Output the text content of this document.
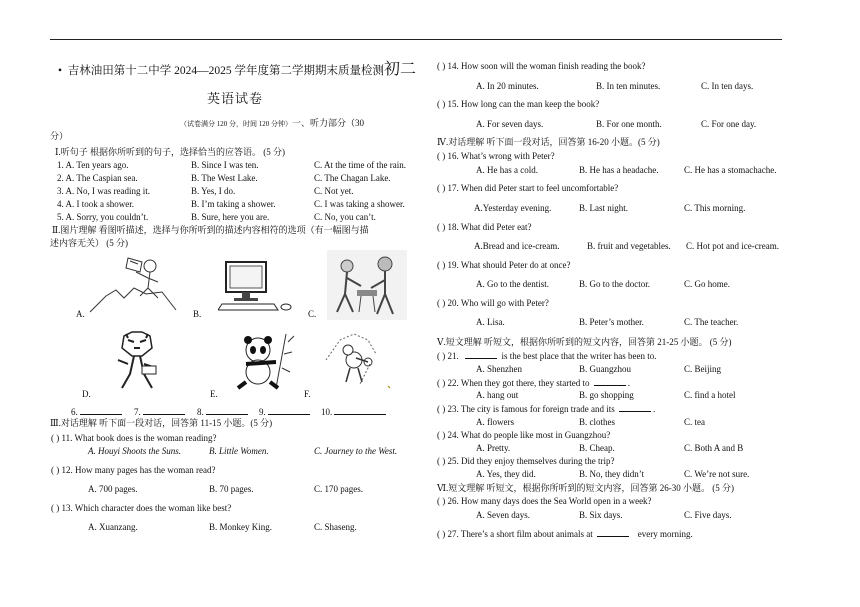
• 吉林油田第十二中学 2024—2025 学年度第二学期期末质量检测初二
英语试卷
（试卷满分 120 分，时间 120 分钟）一、听力部分（30
分）
Ⅰ.听句子 根据你所听到的句子，选择恰当的应答语。 (5 分)
1. A. Ten years ago.	B. Since I was ten.	C. At the time of the rain.
2. A. The Caspian sea.	B. The West Lake.	C. The Chagan Lake.
3. A. No, I was reading it.	B. Yes, I do.	C. Not yet.
4. A. I took a shower.	B. I’m taking a shower.	C. I was taking a shower.
5. A. Sorry, you couldn’t.	B. Sure, here you are.	C. No, you can’t.
Ⅱ.图片理解 看图听描述，选择与你所听到的描述内容相符的选项（有一幅图与描
述内容无关） (5 分)
A.	B.	C.
D.	E.	F.
6.	7.	8.	9.	10.
Ⅲ.对话理解 听下面一段对话，回答第 11-15 小题。(5 分)
( ) 11. What book does is the woman reading?
A. Houyi Shoots the Suns.	B. Little Women.	C. Journey to the West.
( ) 12. How many pages has the woman read?
A. 700 pages.	B. 70 pages.	C. 170 pages.
( ) 13. Which character does the woman like best?
A. Xuanzang.	B. Monkey King.	C. Shaseng.
( ) 14. How soon will the woman finish reading the book?
A. In 20 minutes.	B. In ten minutes.	C. In ten days.
( ) 15. How long can the man keep the book?
A. For seven days.	B. For one month.	C. For one day.
Ⅳ.对话理解 听下面一段对话，回答第 16-20 小题。(5 分)
( ) 16. What’s wrong with Peter?
A. He has a cold.	B. He has a headache.	C. He has a stomachache.
( ) 17. When did Peter start to feel uncomfortable?
A.Yesterday evening.	B. Last night.	C. This morning.
( ) 18. What did Peter eat?
A.Bread and ice-cream.	B. fruit and vegetables. C. Hot pot and ice-cream.
( ) 19. What should Peter do at once?
A. Go to the dentist.	B. Go to the doctor.	C. Go home.
( ) 20. Who will go with Peter?
A. Lisa.	B. Peter’s mother.	C. The teacher.
Ⅴ.短文理解 听短文，根据你所听到的短文内容，回答第 21-25 小题。 (5 分)
( ) 21.	is the best place that the writer has been to.
A. Shenzhen	B. Guangzhou	C. Beijing
( ) 22. When they got there, they started to	.
A. hang out	B. go shopping	C. find a hotel
( ) 23. The city is famous for foreign trade and its	.
A. flowers	B. clothes	C. tea
( ) 24. What do people like most in Guangzhou?
A. Pretty.	B. Cheap.	C. Both A and B
( ) 25. Did they enjoy themselves during the trip?
A. Yes, they did.	B. No, they didn’t	C. We’re not sure.
Ⅵ.短文理解 听短文，根据你所听到的短文内容，回答第 26-30 小题。 (5 分)
( ) 26. How many days does the Sea World open in a week?
A. Seven days.	B. Six days.	C. Five days.
( ) 27. There’s a short film about animals at	every morning.
